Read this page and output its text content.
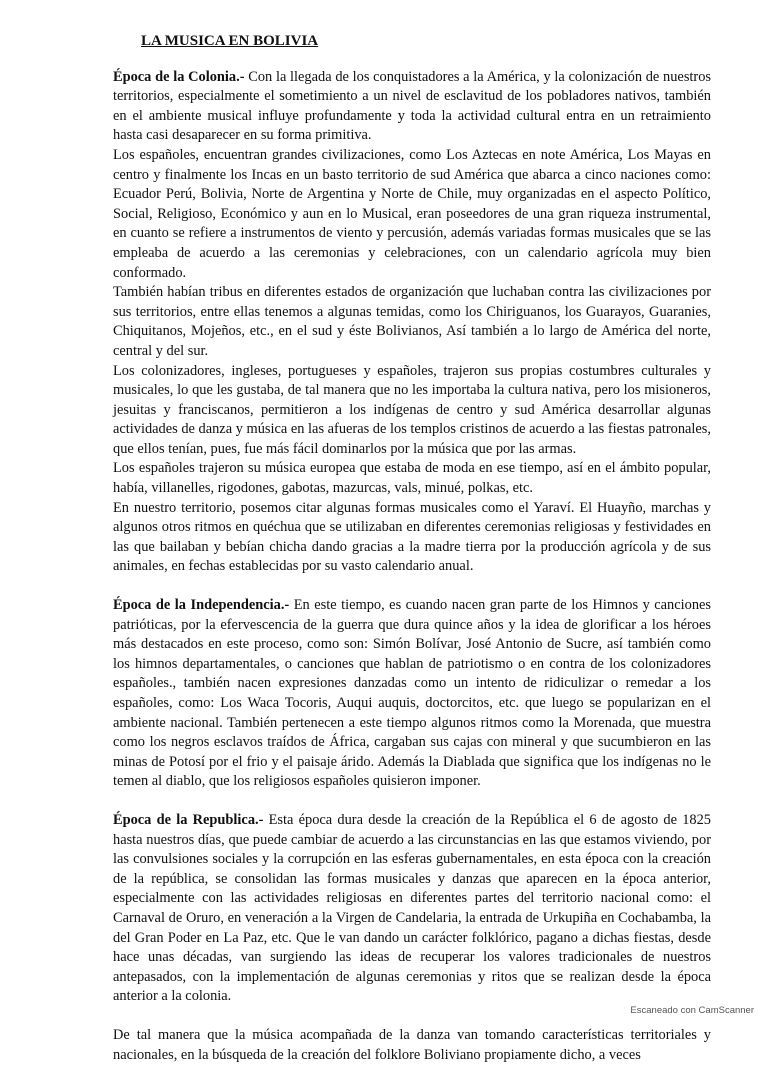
LA MUSICA EN BOLIVIA

Época de la Colonia.- Con la llegada de los conquistadores a la América, y la colonización de nuestros territorios, especialmente el sometimiento a un nivel de esclavitud de los pobladores nativos, también en el ambiente musical influye profundamente y toda la actividad cultural entra en un retraimiento hasta casi desaparecer en su forma primitiva.

Los españoles, encuentran grandes civilizaciones, como Los Aztecas en note América, Los Mayas en centro y finalmente los Incas en un basto territorio de sud América que abarca a cinco naciones como: Ecuador Perú, Bolivia, Norte de Argentina y Norte de Chile, muy organizadas en el aspecto Político, Social, Religioso, Económico y aun en lo Musical, eran poseedores de una gran riqueza instrumental, en cuanto se refiere a instrumentos de viento y percusión, además variadas formas musicales que se las empleaba de acuerdo a las ceremonias y celebraciones, con un calendario agrícola muy bien conformado.

También habían tribus en diferentes estados de organización que luchaban contra las civilizaciones por sus territorios, entre ellas tenemos a algunas temidas, como los Chiriguanos, los Guarayos, Guaranies, Chiquitanos, Mojeños, etc., en el sud y éste Bolivianos, Así también a lo largo de América del norte, central y del sur.

Los colonizadores, ingleses, portugueses y españoles, trajeron sus propias costumbres culturales y musicales, lo que les gustaba, de tal manera que no les importaba la cultura nativa, pero los misioneros, jesuitas y franciscanos, permitieron a los indígenas de centro y sud América desarrollar algunas actividades de danza y música en las afueras de los templos cristinos de acuerdo a las fiestas patronales, que ellos tenían, pues, fue más fácil dominarlos por la música que por las armas.

Los españoles trajeron su música europea que estaba de moda en ese tiempo, así en el ámbito popular, había, villanelles, rigodones, gabotas, mazurcas, vals, minué, polkas, etc.

En nuestro territorio, posemos citar algunas formas musicales como el Yaraví. El Huayño, marchas y algunos otros ritmos en quéchua que se utilizaban en diferentes ceremonias religiosas y festividades en las que bailaban y bebían chicha dando gracias a la madre tierra por la producción agrícola y de sus animales, en fechas establecidas por su vasto calendario anual.

Época de la Independencia.- En este tiempo, es cuando nacen gran parte de los Himnos y canciones patrióticas, por la efervescencia de la guerra que dura quince años y la idea de glorificar a los héroes más destacados en este proceso, como son: Simón Bolívar, José Antonio de Sucre, así también como los himnos departamentales, o canciones que hablan de patriotismo o en contra de los colonizadores españoles., también nacen expresiones danzadas como un intento de ridiculizar o remedar a los españoles, como: Los Waca Tocoris, Auqui auquis, doctorcitos, etc. que luego se popularizan en el ambiente nacional. También pertenecen a este tiempo algunos ritmos como la Morenada, que muestra como los negros esclavos traídos de África, cargaban sus cajas con mineral y que sucumbieron en las minas de Potosí por el frio y el paisaje árido. Además la Diablada que significa que los indígenas no le temen al diablo, que los religiosos españoles quisieron imponer.

Época de la Republica.- Esta época dura desde la creación de la República el 6 de agosto de 1825 hasta nuestros días, que puede cambiar de acuerdo a las circunstancias en las que estamos viviendo, por las convulsiones sociales y la corrupción en las esferas gubernamentales, en esta época con la creación de la república, se consolidan las formas musicales y danzas que aparecen en la época anterior, especialmente con las actividades religiosas en diferentes partes del territorio nacional como: el Carnaval de Oruro, en veneración a la Virgen de Candelaria, la entrada de Urkupiña en Cochabamba, la del Gran Poder en La Paz, etc. Que le van dando un carácter folklórico, pagano a dichas fiestas, desde hace unas décadas, van surgiendo las ideas de recuperar los valores tradicionales de nuestros antepasados, con la implementación de algunas ceremonias y ritos que se realizan desde la época anterior a la colonia.

De tal manera que la música acompañada de la danza van tomando características territoriales y nacionales, en la búsqueda de la creación del folklore Boliviano propiamente dicho, a veces

Escaneado con CamScanner
